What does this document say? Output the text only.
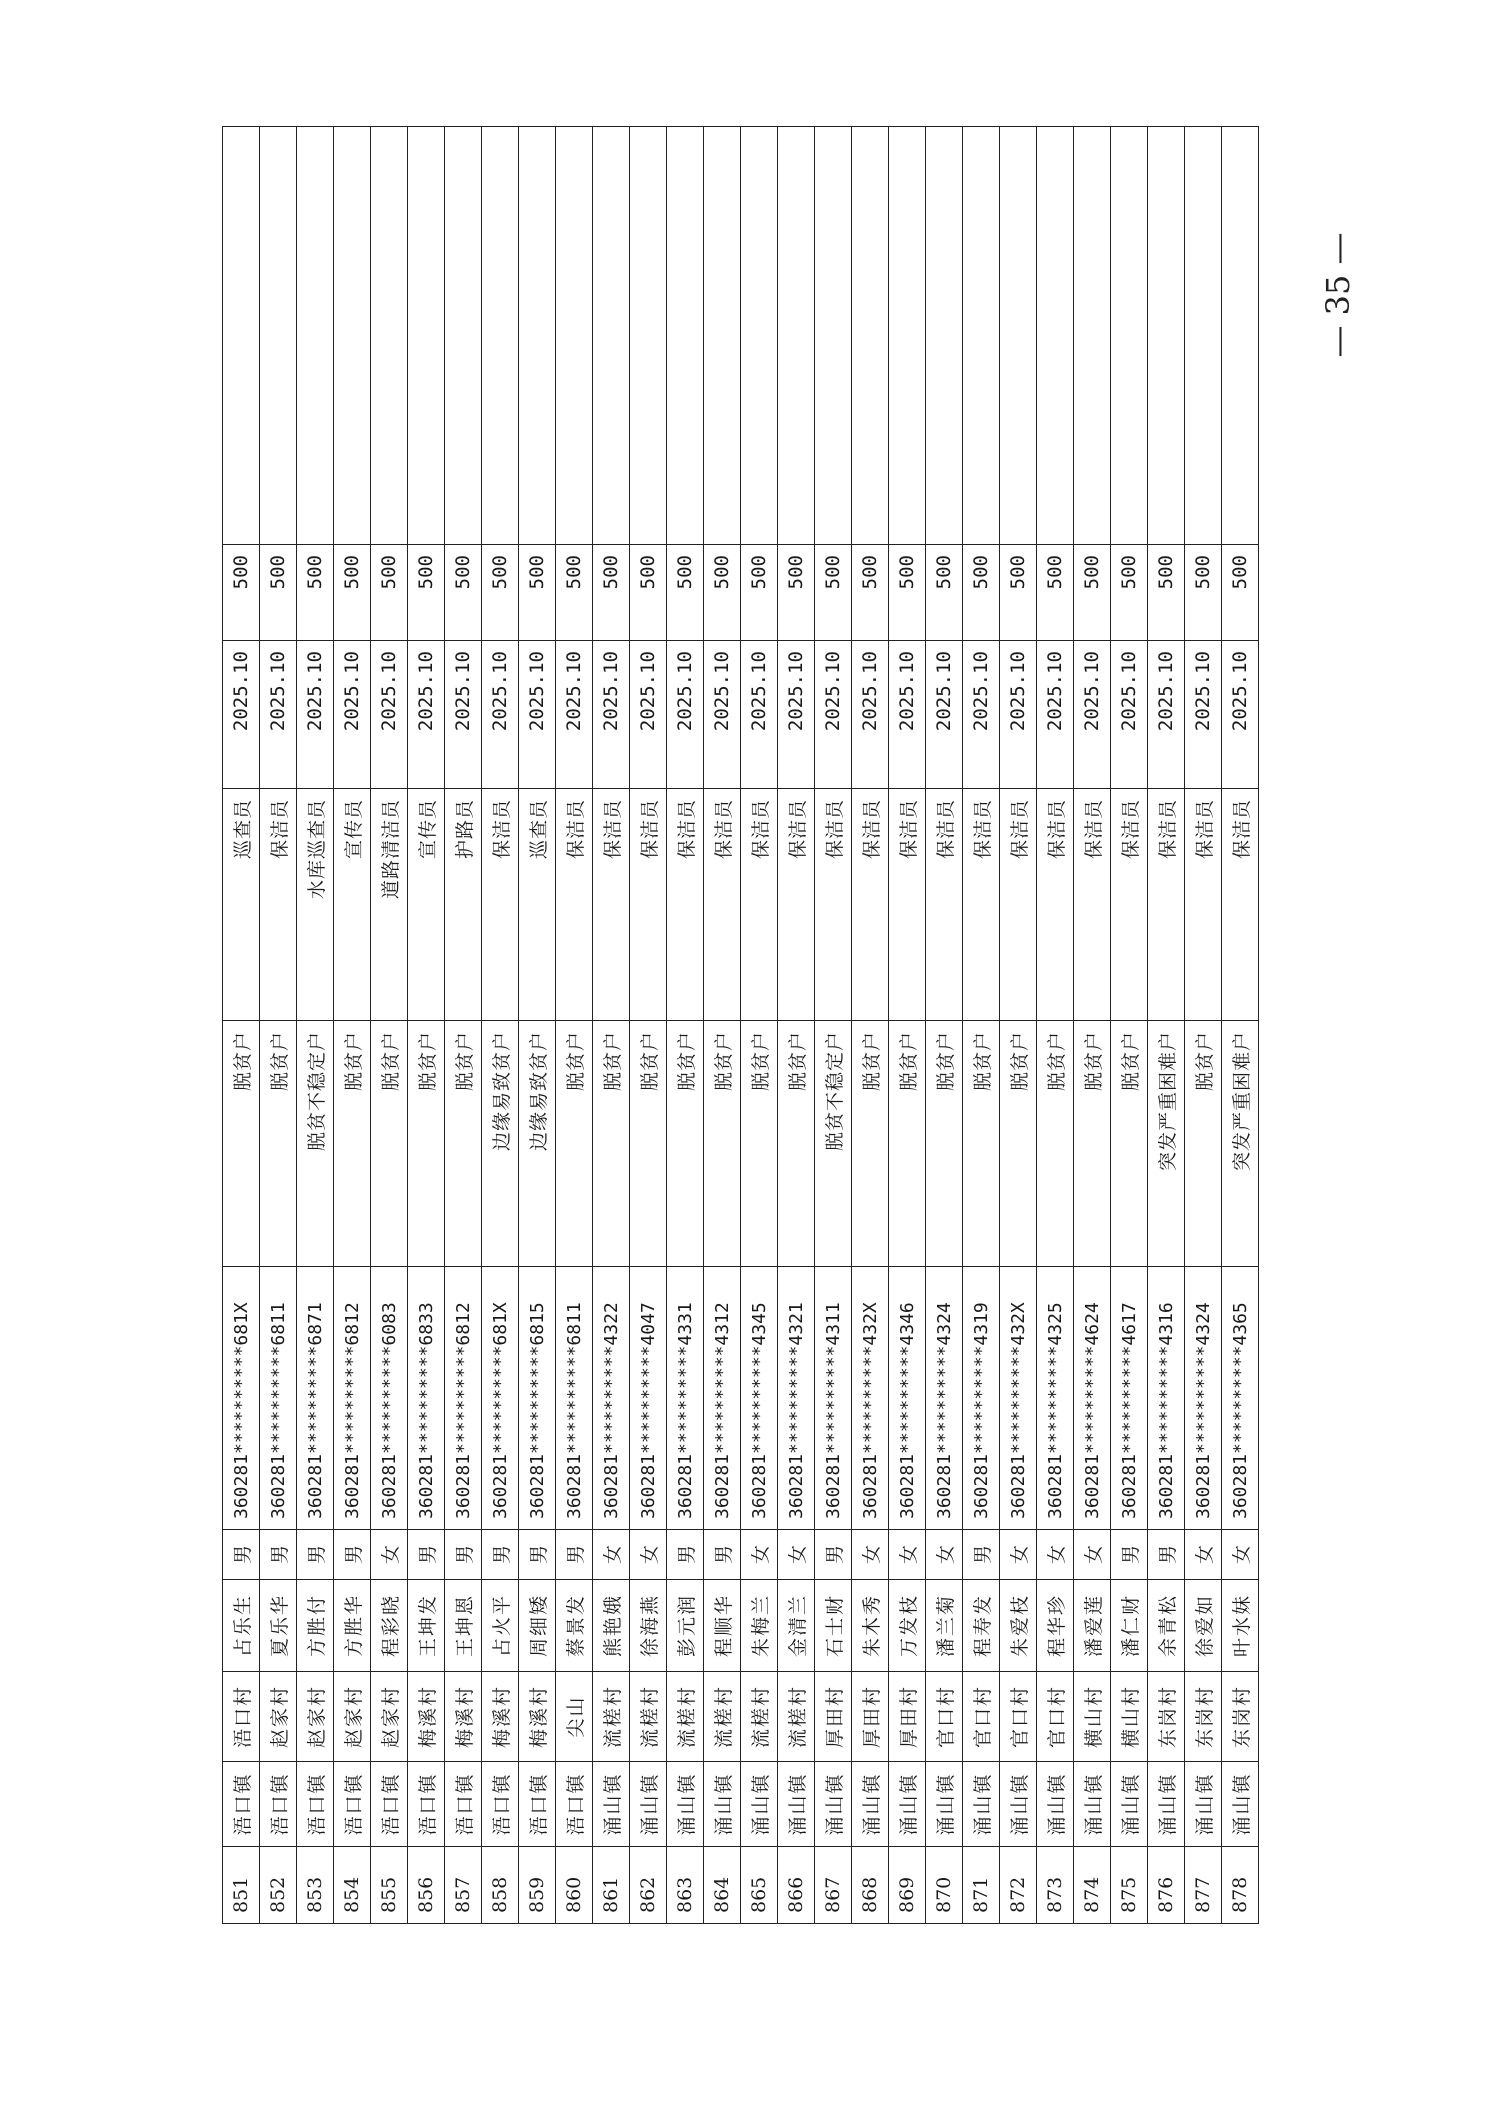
851	浯口镇	浯口村	占乐生	男	360281**********681X	脱贫户	巡查员	2025.10	500	
852	浯口镇	赵家村	夏乐华	男	360281**********6811	脱贫户	保洁员	2025.10	500	
853	浯口镇	赵家村	方胜付	男	360281**********6871	脱贫不稳定户	水库巡查员	2025.10	500	
854	浯口镇	赵家村	方胜华	男	360281**********6812	脱贫户	宣传员	2025.10	500	
855	浯口镇	赵家村	程彩晓	女	360281**********6083	脱贫户	道路清洁员	2025.10	500	
856	浯口镇	梅溪村	王坤发	男	360281**********6833	脱贫户	宣传员	2025.10	500	
857	浯口镇	梅溪村	王坤恩	男	360281**********6812	脱贫户	护路员	2025.10	500	
858	浯口镇	梅溪村	占火平	男	360281**********681X	边缘易致贫户	保洁员	2025.10	500	
859	浯口镇	梅溪村	周细矮	男	360281**********6815	边缘易致贫户	巡查员	2025.10	500	
860	浯口镇	尖山	蔡景发	男	360281**********6811	脱贫户	保洁员	2025.10	500	
861	涌山镇	流槎村	熊艳娥	女	360281**********4322	脱贫户	保洁员	2025.10	500	
862	涌山镇	流槎村	徐海燕	女	360281**********4047	脱贫户	保洁员	2025.10	500	
863	涌山镇	流槎村	彭元润	男	360281**********4331	脱贫户	保洁员	2025.10	500	
864	涌山镇	流槎村	程顺华	男	360281**********4312	脱贫户	保洁员	2025.10	500	
865	涌山镇	流槎村	朱梅兰	女	360281**********4345	脱贫户	保洁员	2025.10	500	
866	涌山镇	流槎村	金清兰	女	360281**********4321	脱贫户	保洁员	2025.10	500	
867	涌山镇	厚田村	石士财	男	360281**********4311	脱贫不稳定户	保洁员	2025.10	500	
868	涌山镇	厚田村	朱木秀	女	360281**********432X	脱贫户	保洁员	2025.10	500	
869	涌山镇	厚田村	万发枝	女	360281**********4346	脱贫户	保洁员	2025.10	500	
870	涌山镇	官口村	潘兰菊	女	360281**********4324	脱贫户	保洁员	2025.10	500	
871	涌山镇	官口村	程寿发	男	360281**********4319	脱贫户	保洁员	2025.10	500	
872	涌山镇	官口村	朱爱枝	女	360281**********432X	脱贫户	保洁员	2025.10	500	
873	涌山镇	官口村	程华珍	女	360281**********4325	脱贫户	保洁员	2025.10	500	
874	涌山镇	横山村	潘爱莲	女	360281**********4624	脱贫户	保洁员	2025.10	500	
875	涌山镇	横山村	潘仁财	男	360281**********4617	脱贫户	保洁员	2025.10	500	
876	涌山镇	东岗村	余青松	男	360281**********4316	突发严重困难户	保洁员	2025.10	500	
877	涌山镇	东岗村	徐爱如	女	360281**********4324	脱贫户	保洁员	2025.10	500	
878	涌山镇	东岗村	叶水妹	女	360281**********4365	突发严重困难户	保洁员	2025.10	500	
— 35 —
